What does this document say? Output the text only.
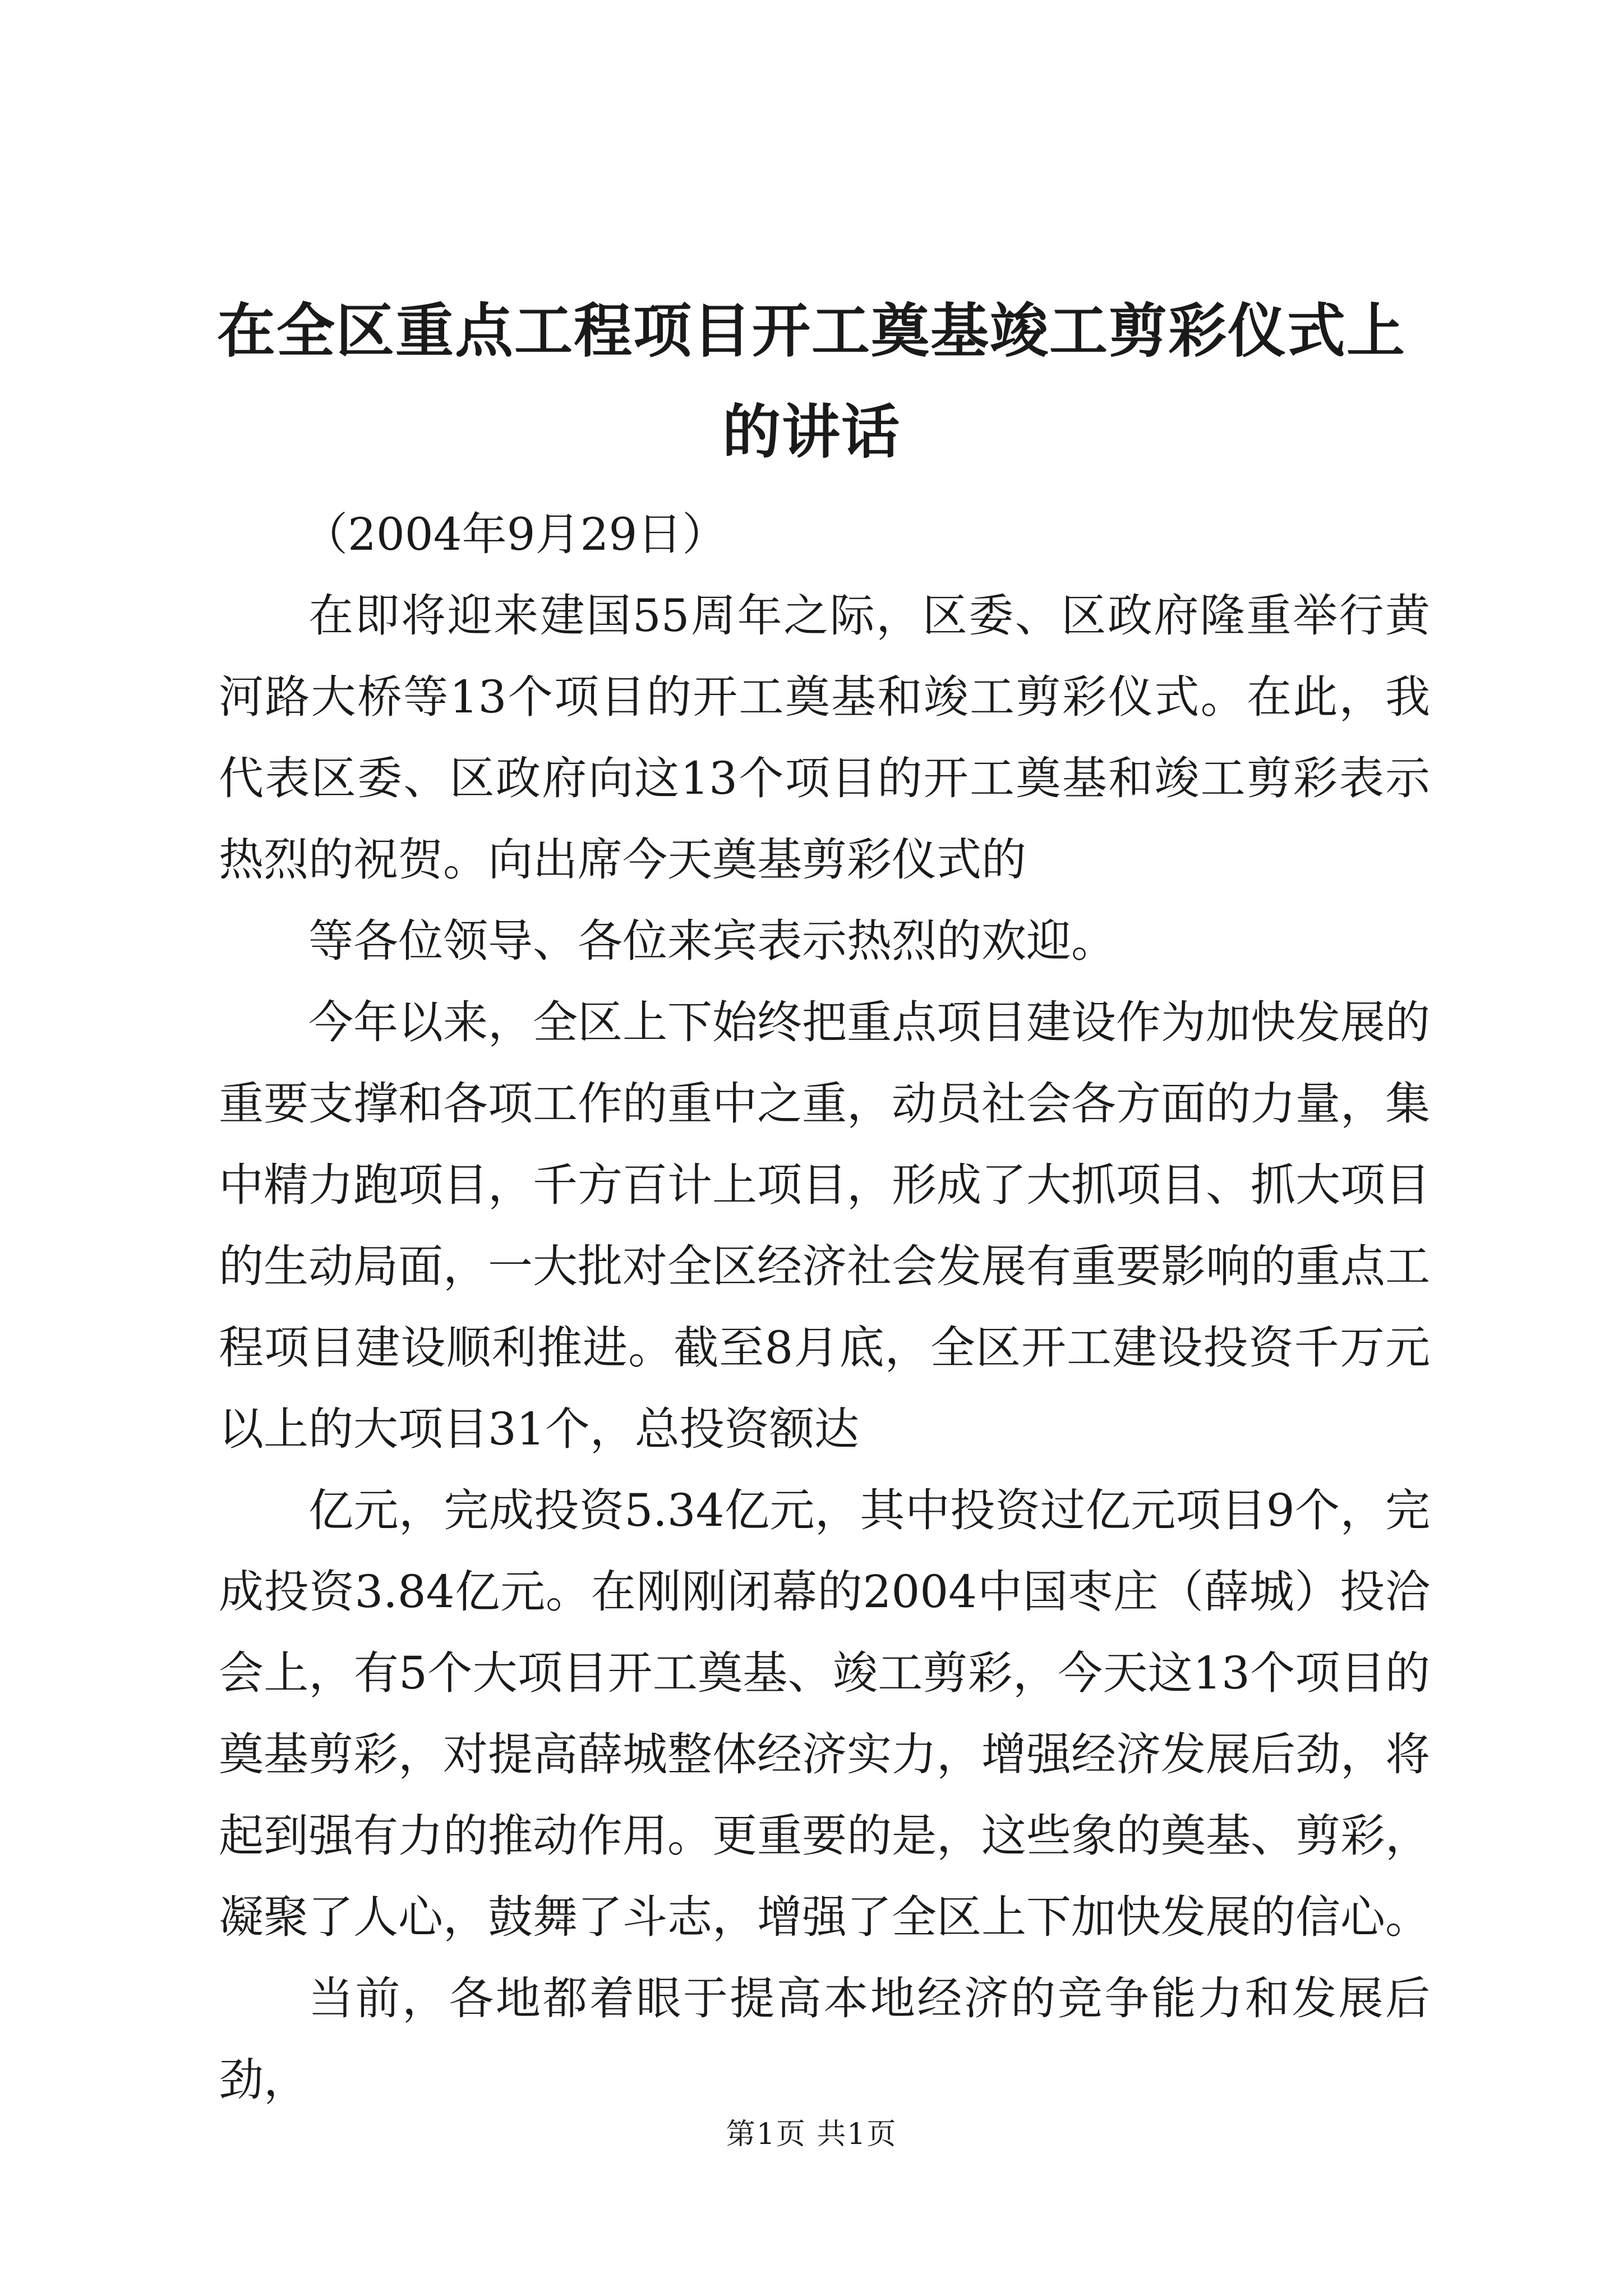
在全区重点工程项目开工奠基竣工剪彩仪式上的讲话

（2004年9月29日）

在即将迎来建国55周年之际，区委、区政府隆重举行黄河路大桥等13个项目的开工奠基和竣工剪彩仪式。在此，我代表区委、区政府向这13个项目的开工奠基和竣工剪彩表示热烈的祝贺。向出席今天奠基剪彩仪式的

等各位领导、各位来宾表示热烈的欢迎。

今年以来，全区上下始终把重点项目建设作为加快发展的重要支撑和各项工作的重中之重，动员社会各方面的力量，集中精力跑项目，千方百计上项目，形成了大抓项目、抓大项目的生动局面，一大批对全区经济社会发展有重要影响的重点工程项目建设顺利推进。截至8月底，全区开工建设投资千万元以上的大项目31个，总投资额达

亿元，完成投资5.34亿元，其中投资过亿元项目9个，完成投资3.84亿元。在刚刚闭幕的2004中国枣庄（薛城）投洽会上，有5个大项目开工奠基、竣工剪彩，今天这13个项目的奠基剪彩，对提高薛城整体经济实力，增强经济发展后劲，将起到强有力的推动作用。更重要的是，这些象的奠基、剪彩，凝聚了人心，鼓舞了斗志，增强了全区上下加快发展的信心。

当前，各地都着眼于提高本地经济的竞争能力和发展后劲，

第1页 共1页
